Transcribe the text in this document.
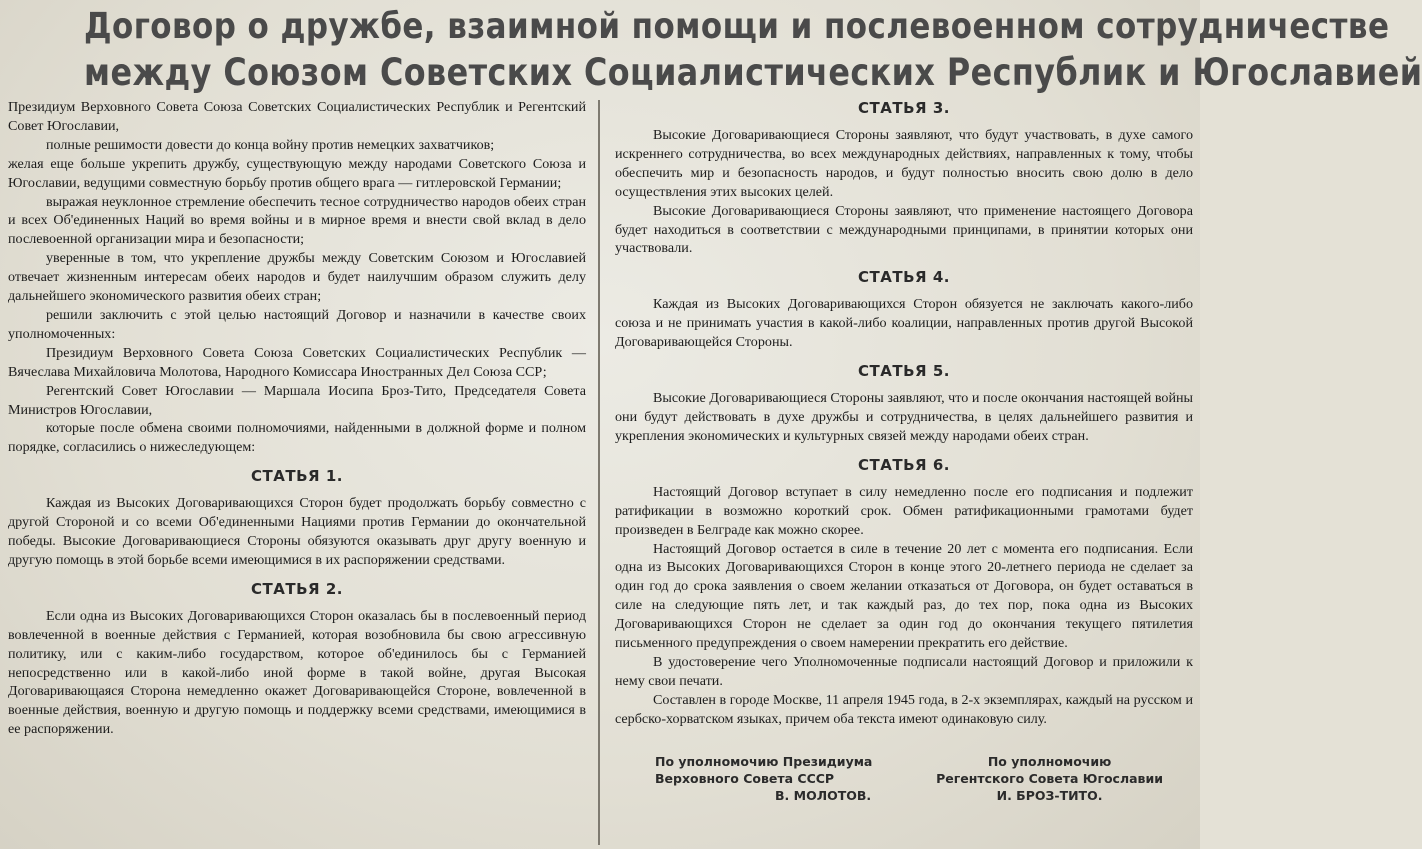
Договор о дружбе, взаимной помощи и послевоенном сотрудничестве
между Союзом Советских Социалистических Республик и Югославией

Президиум Верховного Совета Союза Советских Социалистических Республик и Регентский Совет Югославии,

полные решимости довести до конца войну против немецких захватчиков;

желая еще больше укрепить дружбу, существующую между народами Советского Союза и Югославии, ведущими совместную борьбу против общего врага — гитлеровской Германии;

выражая неуклонное стремление обеспечить тесное сотрудничество народов обеих стран и всех Об'единенных Наций во время войны и в мирное время и внести свой вклад в дело послевоенной организации мира и безопасности;

уверенные в том, что укрепление дружбы между Советским Союзом и Югославией отвечает жизненным интересам обеих народов и будет наилучшим образом служить делу дальнейшего экономического развития обеих стран;

решили заключить с этой целью настоящий Договор и назначили в качестве своих уполномоченных:

Президиум Верховного Совета Союза Советских Социалистических Республик — Вячеслава Михайловича Молотова, Народного Комиссара Иностранных Дел Союза ССР;

Регентский Совет Югославии — Маршала Иосипа Броз-Тито, Председателя Совета Министров Югославии,

которые после обмена своими полномочиями, найденными в должной форме и полном порядке, согласились о нижеследующем:

СТАТЬЯ 1.

Каждая из Высоких Договаривающихся Сторон будет продолжать борьбу совместно с другой Стороной и со всеми Об'единенными Нациями против Германии до окончательной победы. Высокие Договаривающиеся Стороны обязуются оказывать друг другу военную и другую помощь в этой борьбе всеми имеющимися в их распоряжении средствами.

СТАТЬЯ 2.

Если одна из Высоких Договаривающихся Сторон оказалась бы в послевоенный период вовлеченной в военные действия с Германией, которая возобновила бы свою агрессивную политику, или с каким-либо государством, которое об'единилось бы с Германией непосредственно или в какой-либо иной форме в такой войне, другая Высокая Договаривающаяся Сторона немедленно окажет Договаривающейся Стороне, вовлеченной в военные действия, военную и другую помощь и поддержку всеми средствами, имеющимися в ее распоряжении.

СТАТЬЯ 3.

Высокие Договаривающиеся Стороны заявляют, что будут участвовать, в духе самого искреннего сотрудничества, во всех международных действиях, направленных к тому, чтобы обеспечить мир и безопасность народов, и будут полностью вносить свою долю в дело осуществления этих высоких целей.

Высокие Договаривающиеся Стороны заявляют, что применение настоящего Договора будет находиться в соответствии с международными принципами, в принятии которых они участвовали.

СТАТЬЯ 4.

Каждая из Высоких Договаривающихся Сторон обязуется не заключать какого-либо союза и не принимать участия в какой-либо коалиции, направленных против другой Высокой Договаривающейся Стороны.

СТАТЬЯ 5.

Высокие Договаривающиеся Стороны заявляют, что и после окончания настоящей войны они будут действовать в духе дружбы и сотрудничества, в целях дальнейшего развития и укрепления экономических и культурных связей между народами обеих стран.

СТАТЬЯ 6.

Настоящий Договор вступает в силу немедленно после его подписания и подлежит ратификации в возможно короткий срок. Обмен ратификационными грамотами будет произведен в Белграде как можно скорее.

Настоящий Договор остается в силе в течение 20 лет с момента его подписания. Если одна из Высоких Договаривающихся Сторон в конце этого 20-летнего периода не сделает за один год до срока заявления о своем желании отказаться от Договора, он будет оставаться в силе на следующие пять лет, и так каждый раз, до тех пор, пока одна из Высоких Договаривающихся Сторон не сделает за один год до окончания текущего пятилетия письменного предупреждения о своем намерении прекратить его действие.

В удостоверение чего Уполномоченные подписали настоящий Договор и приложили к нему свои печати.

Составлен в городе Москве, 11 апреля 1945 года, в 2-х экземплярах, каждый на русском и сербско-хорватском языках, причем оба текста имеют одинаковую силу.

По уполномочию Президиума
Верховного Совета СССР
В. МОЛОТОВ.
По уполномочию
Регентского Совета Югославии
И. БРОЗ-ТИТО.
